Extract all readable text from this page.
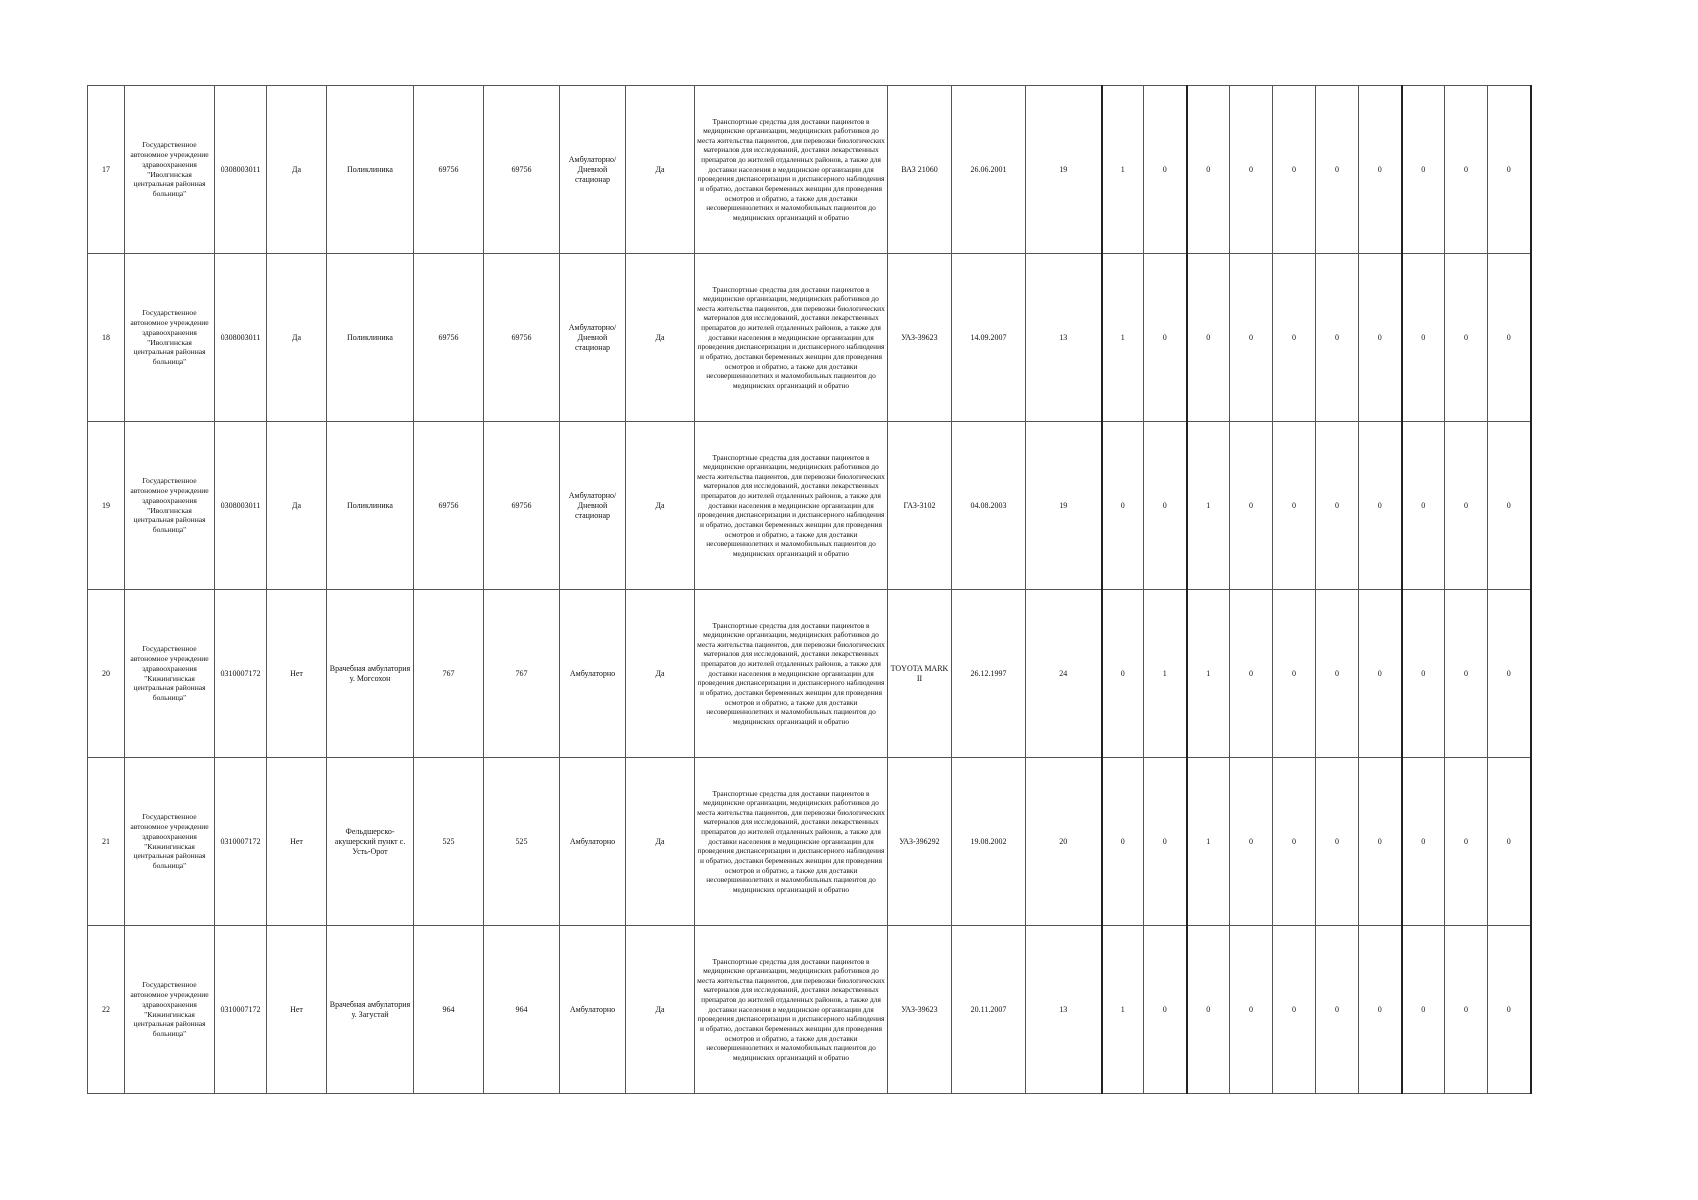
17	Государственное автономное учреждение здравоохранения "Иволгинская центральная районная больница"	0308003011	Да	Поликлиника	69756	69756	Амбулаторно/Дневной стационар	Да	Транспортные средства для доставки пациентов в медицинские организации, медицинских работников до места жительства пациентов, для перевозки биологических материалов для исследований, доставки лекарственных препаратов до жителей отдаленных районов, а также для доставки населения в медицинские организации для проведения диспансеризации и диспансерного наблюдения и обратно, доставки беременных женщин для проведения осмотров и обратно, а также для доставки несовершеннолетних и маломобильных пациентов до медицинских организаций и обратно	ВАЗ 21060	26.06.2001	19	1	0	0	0	0	0	0	0	0	0
18	Государственное автономное учреждение здравоохранения "Иволгинская центральная районная больница"	0308003011	Да	Поликлиника	69756	69756	Амбулаторно/Дневной стационар	Да	Транспортные средства для доставки пациентов в медицинские организации, медицинских работников до места жительства пациентов, для перевозки биологических материалов для исследований, доставки лекарственных препаратов до жителей отдаленных районов, а также для доставки населения в медицинские организации для проведения диспансеризации и диспансерного наблюдения и обратно, доставки беременных женщин для проведения осмотров и обратно, а также для доставки несовершеннолетних и маломобильных пациентов до медицинских организаций и обратно	УАЗ-39623	14.09.2007	13	1	0	0	0	0	0	0	0	0	0
19	Государственное автономное учреждение здравоохранения "Иволгинская центральная районная больница"	0308003011	Да	Поликлиника	69756	69756	Амбулаторно/Дневной стационар	Да	Транспортные средства для доставки пациентов в медицинские организации, медицинских работников до места жительства пациентов, для перевозки биологических материалов для исследований, доставки лекарственных препаратов до жителей отдаленных районов, а также для доставки населения в медицинские организации для проведения диспансеризации и диспансерного наблюдения и обратно, доставки беременных женщин для проведения осмотров и обратно, а также для доставки несовершеннолетних и маломобильных пациентов до медицинских организаций и обратно	ГАЗ-3102	04.08.2003	19	0	0	1	0	0	0	0	0	0	0
20	Государственное автономное учреждение здравоохранения "Кижингинская центральная районная больница"	0310007172	Нет	Врачебная амбулатория у. Могсохон	767	767	Амбулаторно	Да	Транспортные средства для доставки пациентов в медицинские организации, медицинских работников до места жительства пациентов, для перевозки биологических материалов для исследований, доставки лекарственных препаратов до жителей отдаленных районов, а также для доставки населения в медицинские организации для проведения диспансеризации и диспансерного наблюдения и обратно, доставки беременных женщин для проведения осмотров и обратно, а также для доставки несовершеннолетних и маломобильных пациентов до медицинских организаций и обратно	TOYOTA MARK II	26.12.1997	24	0	1	1	0	0	0	0	0	0	0
21	Государственное автономное учреждение здравоохранения "Кижингинская центральная районная больница"	0310007172	Нет	Фельдшерско-акушерский пункт с. Усть-Орот	525	525	Амбулаторно	Да	Транспортные средства для доставки пациентов в медицинские организации, медицинских работников до места жительства пациентов, для перевозки биологических материалов для исследований, доставки лекарственных препаратов до жителей отдаленных районов, а также для доставки населения в медицинские организации для проведения диспансеризации и диспансерного наблюдения и обратно, доставки беременных женщин для проведения осмотров и обратно, а также для доставки несовершеннолетних и маломобильных пациентов до медицинских организаций и обратно	УАЗ-396292	19.08.2002	20	0	0	1	0	0	0	0	0	0	0
22	Государственное автономное учреждение здравоохранения "Кижингинская центральная районная больница"	0310007172	Нет	Врачебная амбулатория у. Загустай	964	964	Амбулаторно	Да	Транспортные средства для доставки пациентов в медицинские организации, медицинских работников до места жительства пациентов, для перевозки биологических материалов для исследований, доставки лекарственных препаратов до жителей отдаленных районов, а также для доставки населения в медицинские организации для проведения диспансеризации и диспансерного наблюдения и обратно, доставки беременных женщин для проведения осмотров и обратно, а также для доставки несовершеннолетних и маломобильных пациентов до медицинских организаций и обратно	УАЗ-39623	20.11.2007	13	1	0	0	0	0	0	0	0	0	0
